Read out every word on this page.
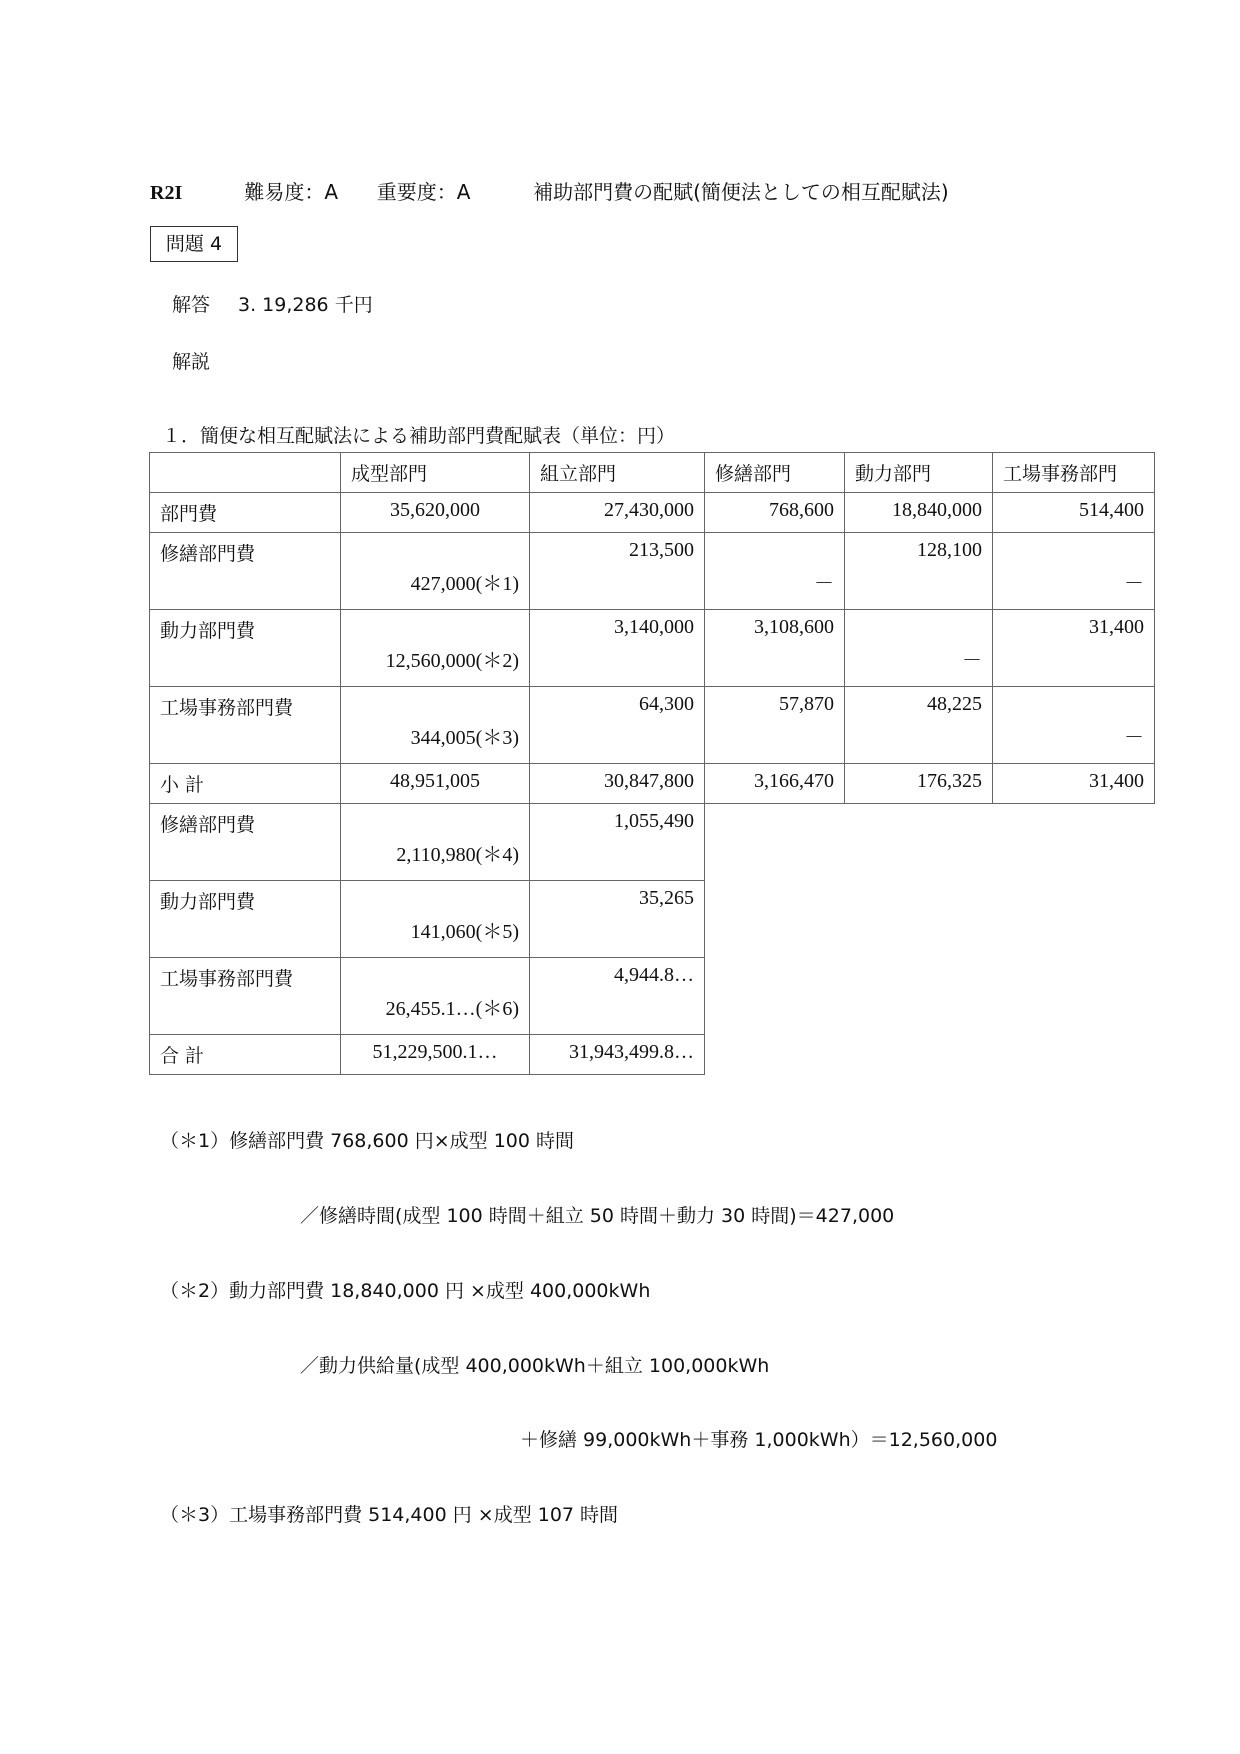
R2I	難易度：A 重要度：A	補助部門費の配賦(簡便法としての相互配賦法)
問題 4
解答 3. 19,286 千円
解説
１．簡便な相互配賦法による補助部門費配賦表（単位：円）
	成型部門	組立部門	修繕部門	動力部門	工場事務部門
部門費	35,620,000	27,430,000	768,600	18,840,000	514,400
修繕部門費	427,000(＊1)	213,500	－	128,100	－

動力部門費	12,560,000(＊2)	3,140,000	3,108,600	－	31,400

工場事務部門費	344,005(＊3)	64,300	57,870	48,225	－

小 計	48,951,005	30,847,800	3,166,470	176,325	31,400
修繕部門費	2,110,980(＊4)	1,055,490			

動力部門費	141,060(＊5)	35,265			

工場事務部門費	26,455.1…(＊6)	4,944.8…			

合 計	51,229,500.1…	31,943,499.8…			
（＊1）修繕部門費 768,600 円×成型 100 時間
／修繕時間(成型 100 時間＋組立 50 時間＋動力 30 時間)＝427,000
（＊2）動力部門費 18,840,000 円 ×成型 400,000kWh
／動力供給量(成型 400,000kWh＋組立 100,000kWh
＋修繕 99,000kWh＋事務 1,000kWh）＝12,560,000
（＊3）工場事務部門費 514,400 円 ×成型 107 時間
